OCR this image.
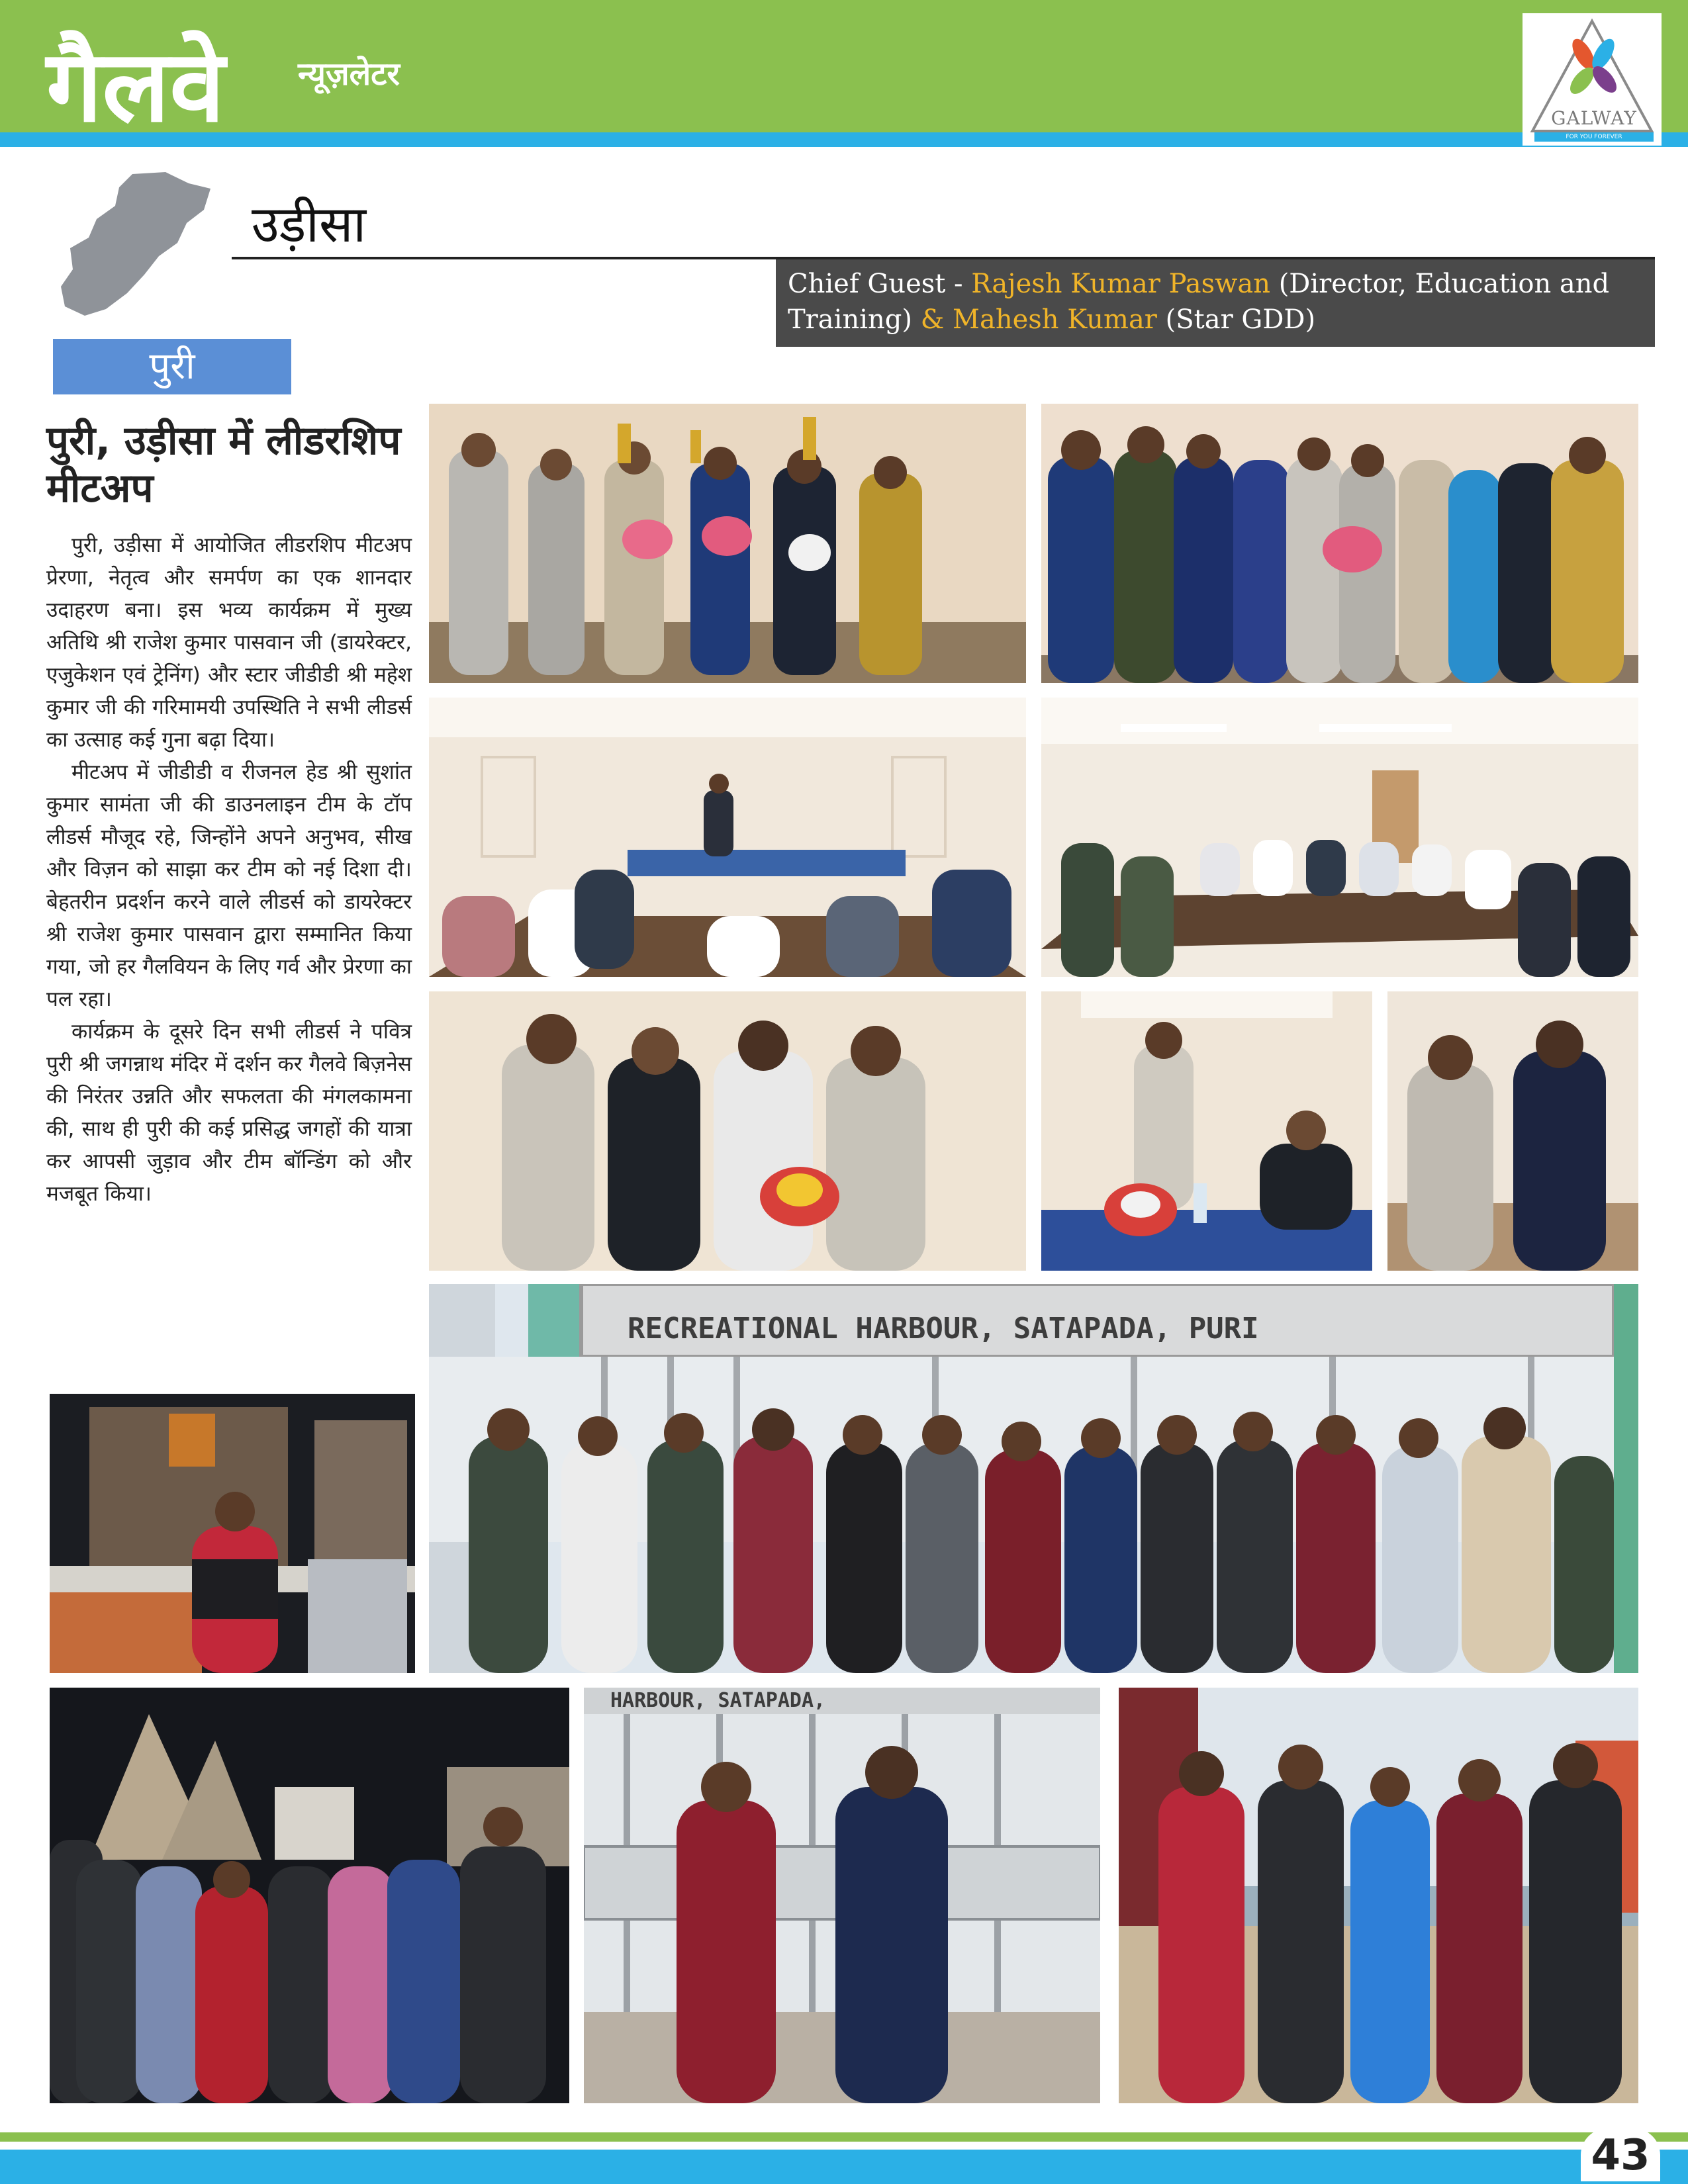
गैलवे	न्यूज़लेटर
GALWAY
FOR YOU FOREVER
उड़ीसा
Chief Guest - Rajesh Kumar Paswan (Director, Education and Training) & Mahesh Kumar (Star GDD)
पुरी
पुरी, उड़ीसा में लीडरशिप मीटअप

पुरी, उड़ीसा में आयोजित लीडरशिप मीटअप प्रेरणा, नेतृत्व और समर्पण का एक शानदार उदाहरण बना। इस भव्य कार्यक्रम में मुख्य अतिथि श्री राजेश कुमार पासवान जी (डायरेक्टर, एजुकेशन एवं ट्रेनिंग) और स्टार जीडीडी श्री महेश कुमार जी की गरिमामयी उपस्थिति ने सभी लीडर्स का उत्साह कई गुना बढ़ा दिया।

मीटअप में जीडीडी व रीजनल हेड श्री सुशांत कुमार सामंता जी की डाउनलाइन टीम के टॉप लीडर्स मौजूद रहे, जिन्होंने अपने अनुभव, सीख और विज़न को साझा कर टीम को नई दिशा दी। बेहतरीन प्रदर्शन करने वाले लीडर्स को डायरेक्टर श्री राजेश कुमार पासवान द्वारा सम्मानित किया गया, जो हर गैलवियन के लिए गर्व और प्रेरणा का पल रहा।

कार्यक्रम के दूसरे दिन सभी लीडर्स ने पवित्र पुरी श्री जगन्नाथ मंदिर में दर्शन कर गैलवे बिज़नेस की निरंतर उन्नति और सफलता की मंगलकामना की, साथ ही पुरी की कई प्रसिद्ध जगहों की यात्रा कर आपसी जुड़ाव और टीम बॉन्डिंग को और मजबूत किया।

RECREATIONAL HARBOUR, SATAPADA, PURI
HARBOUR, SATAPADA,
43
